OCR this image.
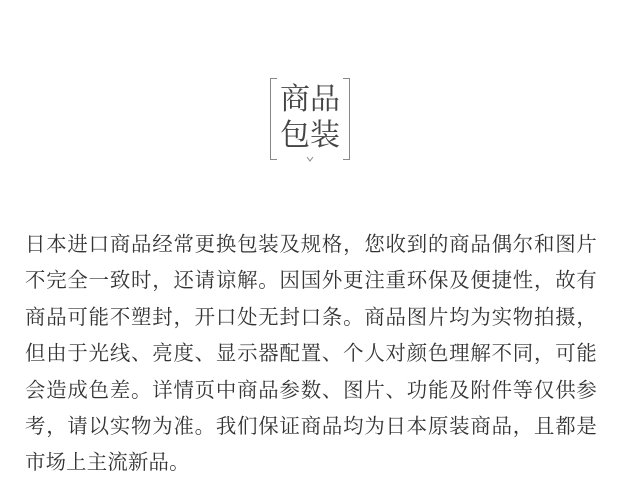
商品
包装

日本进口商品经常更换包装及规格，您收到的商品偶尔和图片不完全一致时，还请谅解。因国外更注重环保及便捷性，故有商品可能不塑封，开口处无封口条。商品图片均为实物拍摄，但由于光线、亮度、显示器配置、个人对颜色理解不同，可能会造成色差。详情页中商品参数、图片、功能及附件等仅供参考，请以实物为准。我们保证商品均为日本原装商品，且都是市场上主流新品。
